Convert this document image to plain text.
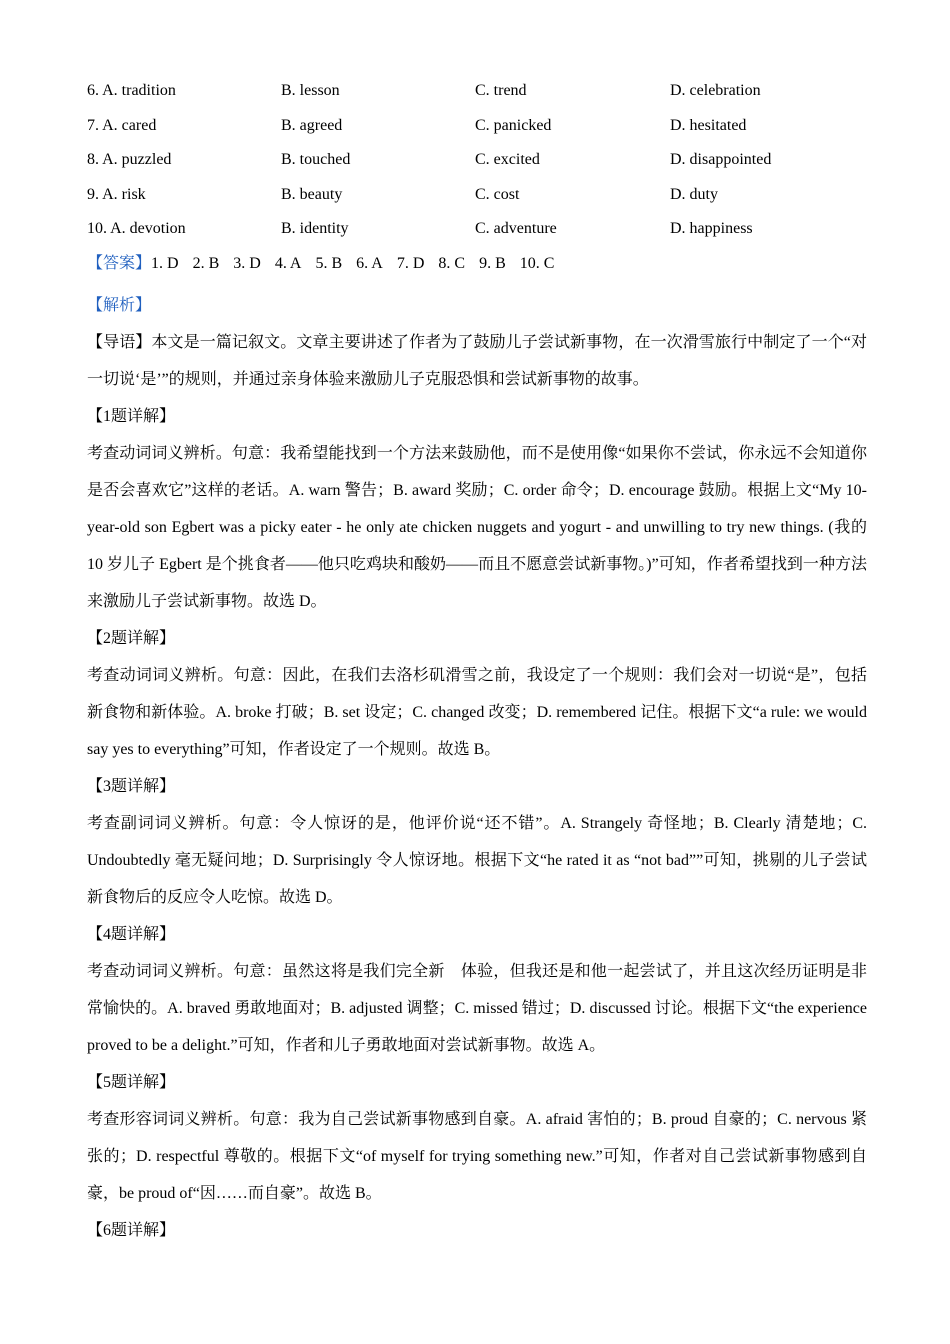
6. A. tradition	B. lesson	C. trend	D. celebration
7. A. cared	B. agreed	C. panicked	D. hesitated
8. A. puzzled	B. touched	C. excited	D. disappointed
9. A. risk	B. beauty	C. cost	D. duty
10. A. devotion	B. identity	C. adventure	D. happiness
【答案】1. D 2. B 3. D 4. A 5. B 6. A 7. D 8. C 9. B 10. C

【解析】

【导语】本文是一篇记叙文。文章主要讲述了作者为了鼓励儿子尝试新事物，在一次滑雪旅行中制定了一个“对一切说‘是’”的规则，并通过亲身体验来激励儿子克服恐惧和尝试新事物的故事。

【1题详解】

考查动词词义辨析。句意：我希望能找到一个方法来鼓励他，而不是使用像“如果你不尝试，你永远不会知道你是否会喜欢它”这样的老话。A. warn 警告；B. award 奖励；C. order 命令；D. encourage 鼓励。根据上文“My 10-year-old son Egbert was a picky eater - he only ate chicken nuggets and yogurt - and unwilling to try new things. (我的 10 岁儿子 Egbert 是个挑食者——他只吃鸡块和酸奶——而且不愿意尝试新事物。)”可知，作者希望找到一种方法来激励儿子尝试新事物。故选 D。

【2题详解】

考查动词词义辨析。句意：因此，在我们去洛杉矶滑雪之前，我设定了一个规则：我们会对一切说“是”，包括新食物和新体验。A. broke 打破；B. set 设定；C. changed 改变；D. remembered 记住。根据下文“a rule: we would say yes to everything”可知，作者设定了一个规则。故选 B。

【3题详解】

考查副词词义辨析。句意：令人惊讶的是，他评价说“还不错”。A. Strangely 奇怪地；B. Clearly 清楚地；C. Undoubtedly 毫无疑问地；D. Surprisingly 令人惊讶地。根据下文“he rated it as “not bad””可知，挑剔的儿子尝试新食物后的反应令人吃惊。故选 D。

【4题详解】

考查动词词义辨析。句意：虽然这将是我们完全新　体验，但我还是和他一起尝试了，并且这次经历证明是非常愉快的。A. braved 勇敢地面对；B. adjusted 调整；C. missed 错过；D. discussed 讨论。根据下文“the experience proved to be a delight.”可知，作者和儿子勇敢地面对尝试新事物。故选 A。

【5题详解】

考查形容词词义辨析。句意：我为自己尝试新事物感到自豪。A. afraid 害怕的；B. proud 自豪的；C. nervous 紧张的；D. respectful 尊敬的。根据下文“of myself for trying something new.”可知，作者对自己尝试新事物感到自豪，be proud of“因……而自豪”。故选 B。

【6题详解】
